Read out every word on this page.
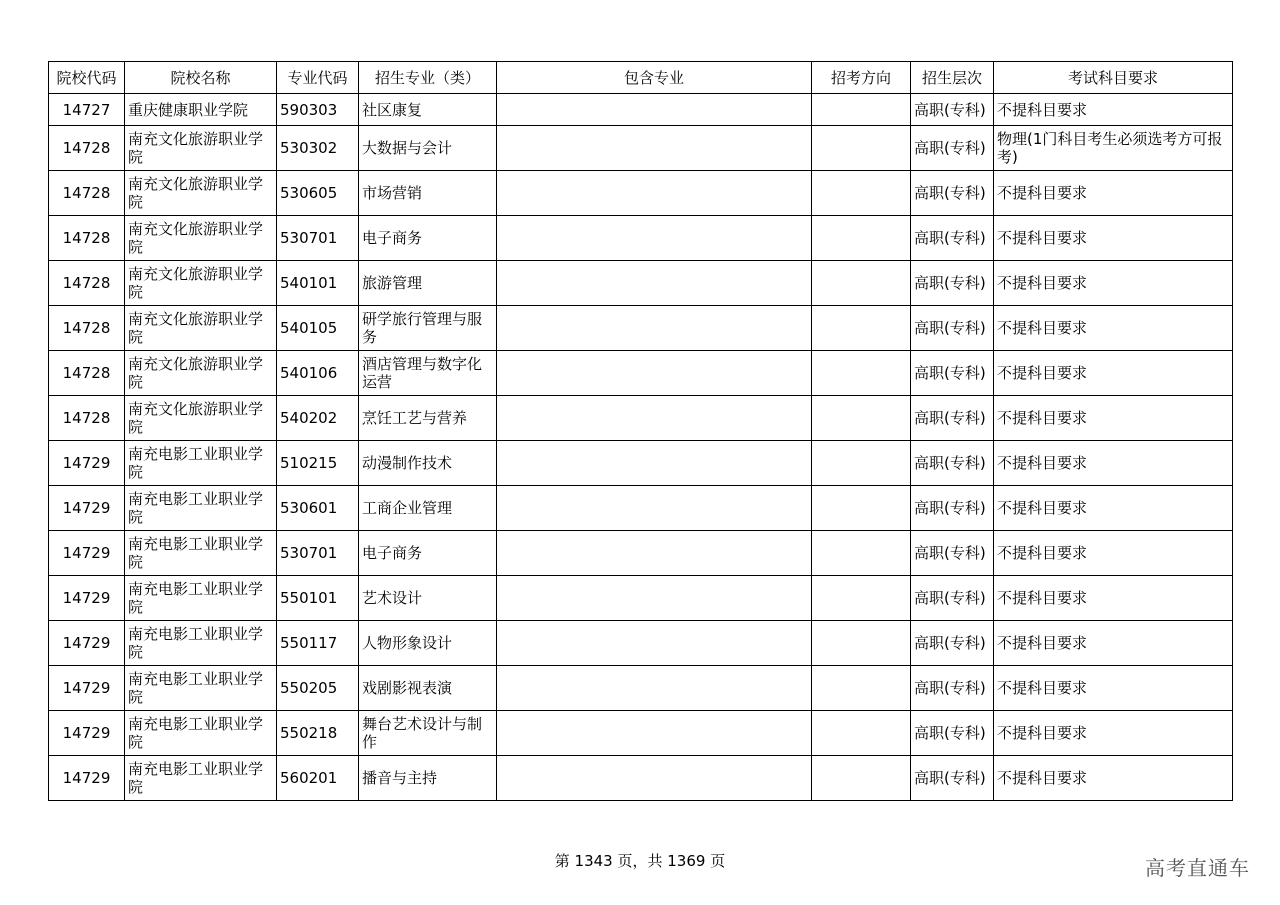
院校代码	院校名称	专业代码	招生专业（类）	包含专业	招考方向	招生层次	考试科目要求
14727	重庆健康职业学院	590303	社区康复			高职(专科)	不提科目要求
14728	南充文化旅游职业学院	530302	大数据与会计			高职(专科)	物理(1门科目考生必须选考方可报考)
14728	南充文化旅游职业学院	530605	市场营销			高职(专科)	不提科目要求
14728	南充文化旅游职业学院	530701	电子商务			高职(专科)	不提科目要求
14728	南充文化旅游职业学院	540101	旅游管理			高职(专科)	不提科目要求
14728	南充文化旅游职业学院	540105	研学旅行管理与服务			高职(专科)	不提科目要求
14728	南充文化旅游职业学院	540106	酒店管理与数字化运营			高职(专科)	不提科目要求
14728	南充文化旅游职业学院	540202	烹饪工艺与营养			高职(专科)	不提科目要求
14729	南充电影工业职业学院	510215	动漫制作技术			高职(专科)	不提科目要求
14729	南充电影工业职业学院	530601	工商企业管理			高职(专科)	不提科目要求
14729	南充电影工业职业学院	530701	电子商务			高职(专科)	不提科目要求
14729	南充电影工业职业学院	550101	艺术设计			高职(专科)	不提科目要求
14729	南充电影工业职业学院	550117	人物形象设计			高职(专科)	不提科目要求
14729	南充电影工业职业学院	550205	戏剧影视表演			高职(专科)	不提科目要求
14729	南充电影工业职业学院	550218	舞台艺术设计与制作			高职(专科)	不提科目要求
14729	南充电影工业职业学院	560201	播音与主持			高职(专科)	不提科目要求
第 1343 页，共 1369 页	高考直通车
